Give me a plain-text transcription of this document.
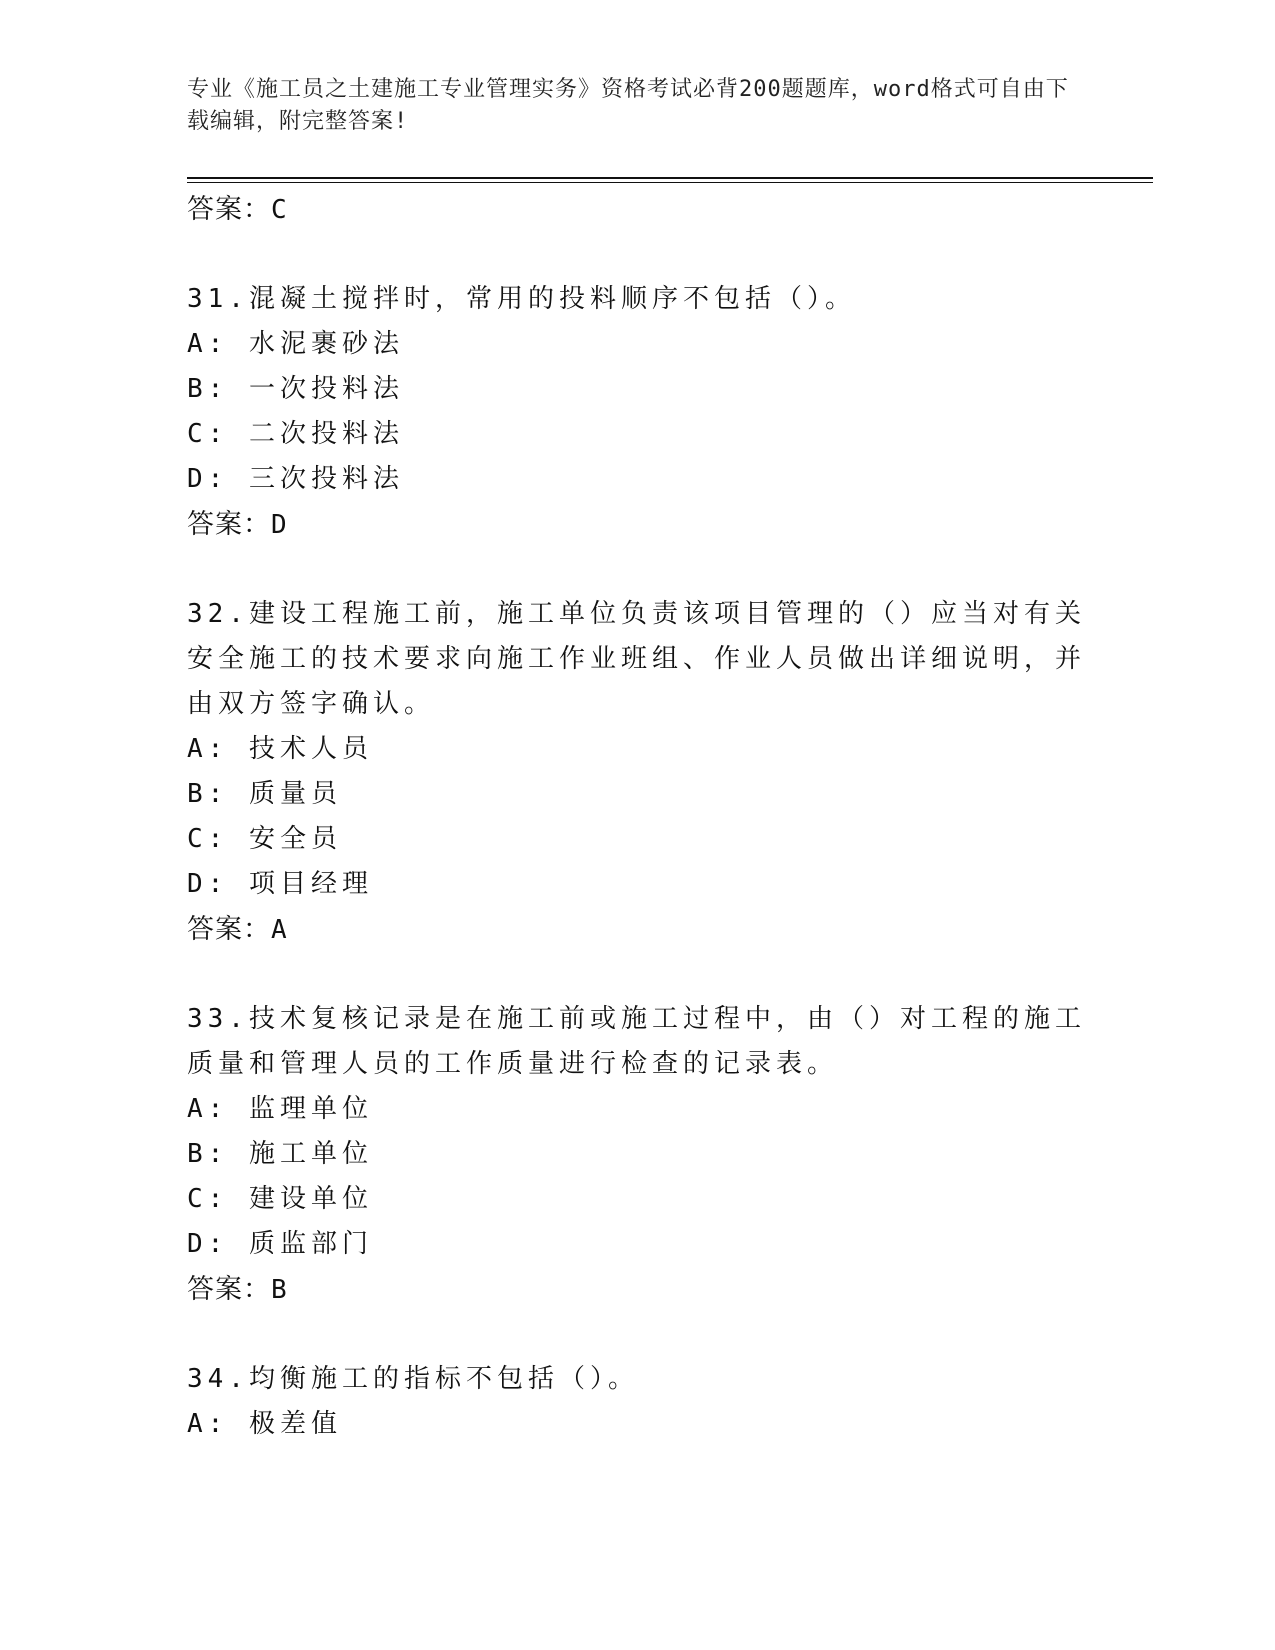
专业《施工员之土建施工专业管理实务》资格考试必背200题题库，word格式可自由下载编辑，附完整答案!

答案：C

31.混凝土搅拌时，常用的投料顺序不包括（）。

A: 水泥裹砂法

B: 一次投料法

C: 二次投料法

D: 三次投料法

答案：D

32.建设工程施工前，施工单位负责该项目管理的（）应当对有关安全施工的技术要求向施工作业班组、作业人员做出详细说明，并由双方签字确认。

A: 技术人员

B: 质量员

C: 安全员

D: 项目经理

答案：A

33.技术复核记录是在施工前或施工过程中，由（）对工程的施工质量和管理人员的工作质量进行检查的记录表。

A: 监理单位

B: 施工单位

C: 建设单位

D: 质监部门

答案：B

34.均衡施工的指标不包括（）。

A: 极差值
